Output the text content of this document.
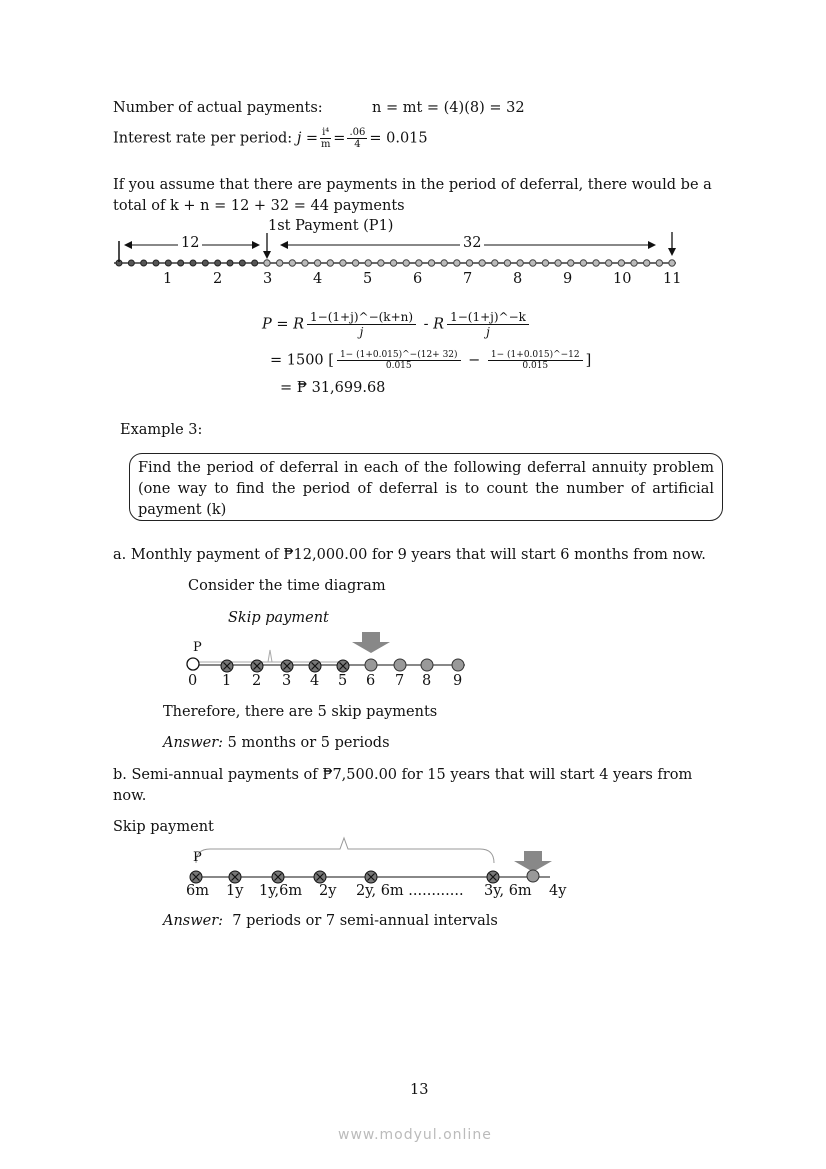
Number of actual payments:	n = mt = (4)(8) = 32
Interest rate per period: $j = \frac{\text{i⁴}}{m} = \frac{.06}{4} = 0.015$
If you assume that there are payments in the period of deferral, there would be a
total of k + n = 12 + 32 = 44 payments
1st Payment (P1)
12	32
1	2	3	4	5	6	7	8	9	10 11
P = R $\frac{1-(1+j)\^{}-(k+n)}{j}$ - R $\frac{1-(1+j)\^{}-k}{j}$
= 1500 [ $\frac{1- (1+0.015)\^{}-(12+ 32)}{0.015} - \frac{1- (1+0.015)\^{}-12}{0.015}$ ]
= ₱ 31,699.68
Example 3:
Find the period of deferral in each of the following deferral annuity problem (one way to find the period of deferral is to count the number of artificial payment (k)
a. Monthly payment of ₱12,000.00 for 9 years that will start 6 months from now.
Consider the time diagram
Skip payment
P
0 1 2 3 4 5 6 7 8 9
Therefore, there are 5 skip payments
Answer: 5 months or 5 periods
b. Semi-annual payments of ₱7,500.00 for 15 years that will start 4 years from
now.
Skip payment
P
6m 1y 1y,6m 2y 2y, 6m ............ 3y, 6m 4y
Answer: 7 periods or 7 semi-annual intervals
13
www.modyul.online
